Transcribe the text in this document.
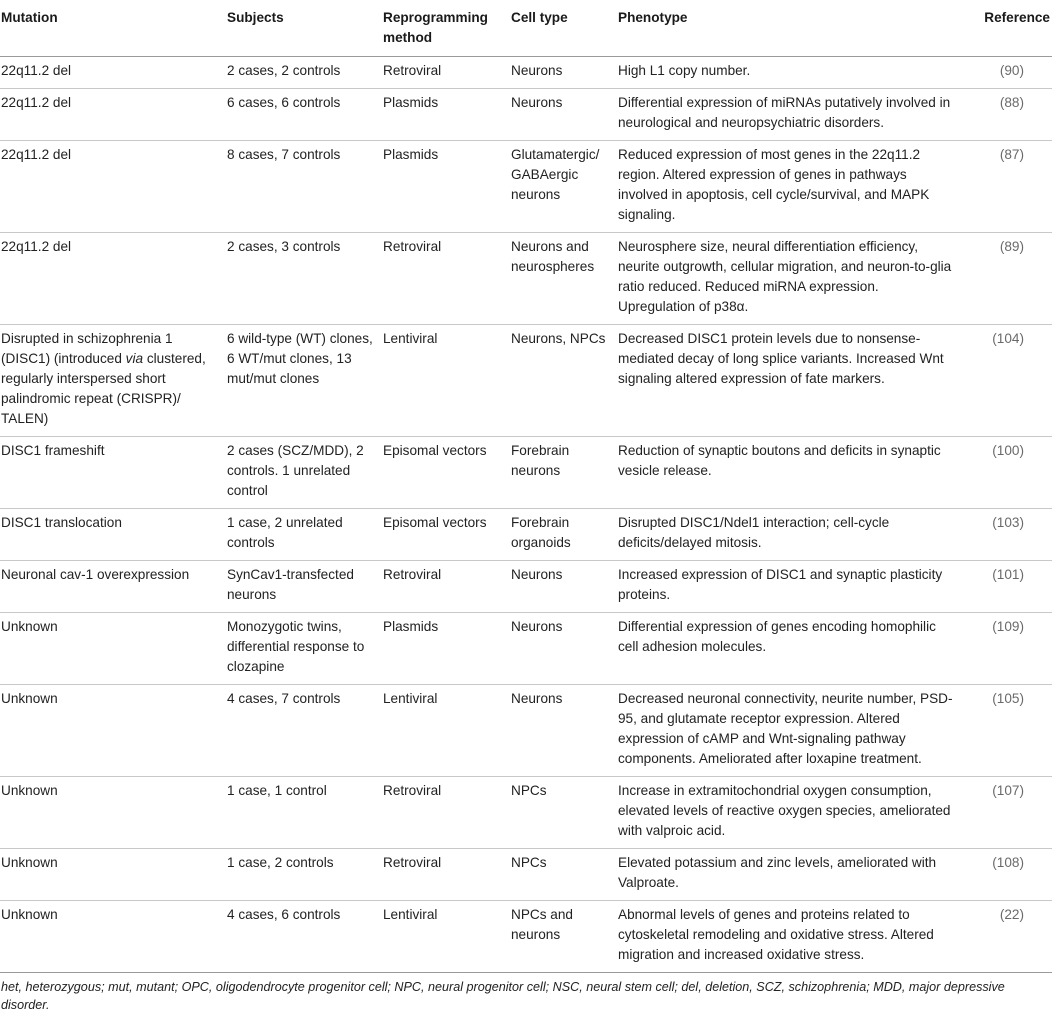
Mutation	Subjects	Reprogramming method	Cell type	Phenotype	Reference
22q11.2 del	2 cases, 2 controls	Retroviral	Neurons	High L1 copy number.	(90)
22q11.2 del	6 cases, 6 controls	Plasmids	Neurons	Differential expression of miRNAs putatively involved in neurological and neuropsychiatric disorders.	(88)
22q11.2 del	8 cases, 7 controls	Plasmids	Glutamatergic/ GABAergic neurons	Reduced expression of most genes in the 22q11.2 region. Altered expression of genes in pathways involved in apoptosis, cell cycle/survival, and MAPK signaling.	(87)
22q11.2 del	2 cases, 3 controls	Retroviral	Neurons and neurospheres	Neurosphere size, neural differentiation efficiency, neurite outgrowth, cellular migration, and neuron-to-glia ratio reduced. Reduced miRNA expression. Upregulation of p38α.	(89)
Disrupted in schizophrenia 1 (DISC1) (introduced via clustered, regularly interspersed short palindromic repeat (CRISPR)/ TALEN)	6 wild-type (WT) clones, 6 WT/mut clones, 13 mut/mut clones	Lentiviral	Neurons, NPCs	Decreased DISC1 protein levels due to nonsense-mediated decay of long splice variants. Increased Wnt signaling altered expression of fate markers.	(104)
DISC1 frameshift	2 cases (SCZ/MDD), 2 controls. 1 unrelated control	Episomal vectors	Forebrain neurons	Reduction of synaptic boutons and deficits in synaptic vesicle release.	(100)
DISC1 translocation	1 case, 2 unrelated controls	Episomal vectors	Forebrain organoids	Disrupted DISC1/Ndel1 interaction; cell-cycle deficits/delayed mitosis.	(103)
Neuronal cav-1 overexpression	SynCav1-transfected neurons	Retroviral	Neurons	Increased expression of DISC1 and synaptic plasticity proteins.	(101)
Unknown	Monozygotic twins, differential response to clozapine	Plasmids	Neurons	Differential expression of genes encoding homophilic cell adhesion molecules.	(109)
Unknown	4 cases, 7 controls	Lentiviral	Neurons	Decreased neuronal connectivity, neurite number, PSD-95, and glutamate receptor expression. Altered expression of cAMP and Wnt-signaling pathway components. Ameliorated after loxapine treatment.	(105)
Unknown	1 case, 1 control	Retroviral	NPCs	Increase in extramitochondrial oxygen consumption, elevated levels of reactive oxygen species, ameliorated with valproic acid.	(107)
Unknown	1 case, 2 controls	Retroviral	NPCs	Elevated potassium and zinc levels, ameliorated with Valproate.	(108)
Unknown	4 cases, 6 controls	Lentiviral	NPCs and neurons	Abnormal levels of genes and proteins related to cytoskeletal remodeling and oxidative stress. Altered migration and increased oxidative stress.	(22)

het, heterozygous; mut, mutant; OPC, oligodendrocyte progenitor cell; NPC, neural progenitor cell; NSC, neural stem cell; del, deletion, SCZ, schizophrenia; MDD, major depressive disorder.
